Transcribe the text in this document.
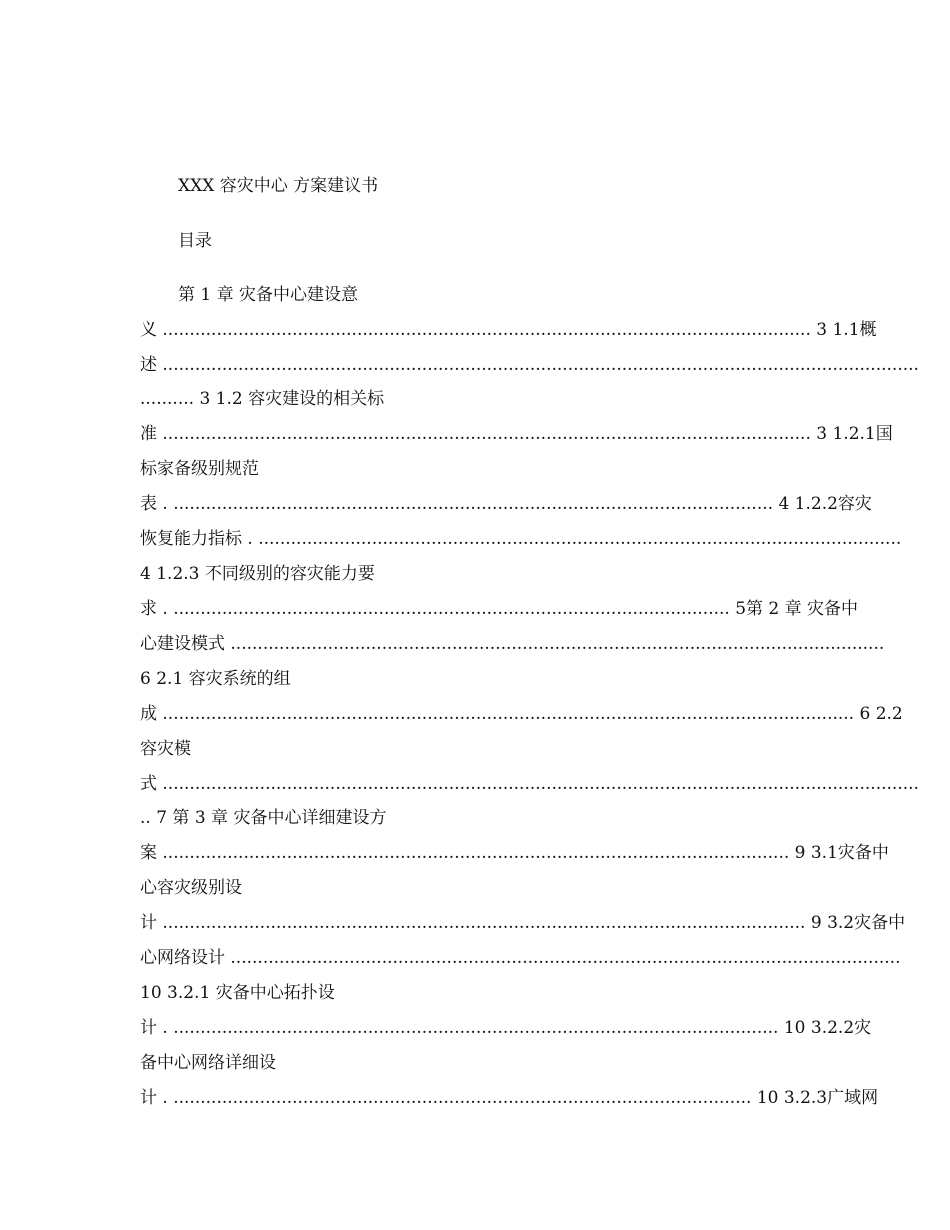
XXX 容灾中心 方案建议书
目录
第 1 章 灾备中心建设意
义 ........................................................................................................................ 3 1.1概
述 ............................................................................................................................................
.......... 3 1.2 容灾建设的相关标
准 ........................................................................................................................ 3 1.2.1国
标家备级别规范
表 . ............................................................................................................... 4 1.2.2容灾
恢复能力指标 . .......................................................................................................................
4 1.2.3 不同级别的容灾能力要
求 . ....................................................................................................... 5第 2 章 灾备中
心建设模式 .........................................................................................................................
6 2.1 容灾系统的组
成 ................................................................................................................................ 6 2.2
容灾模
式 ............................................................................................................................................
.. 7 第 3 章 灾备中心详细建设方
案 .................................................................................................................... 9 3.1灾备中
心容灾级别设
计 ....................................................................................................................... 9 3.2灾备中
心网络设计 ............................................................................................................................
10 3.2.1 灾备中心拓扑设
计 . ................................................................................................................ 10 3.2.2灾
备中心网络详细设
计 . ........................................................................................................... 10 3.2.3广域网
